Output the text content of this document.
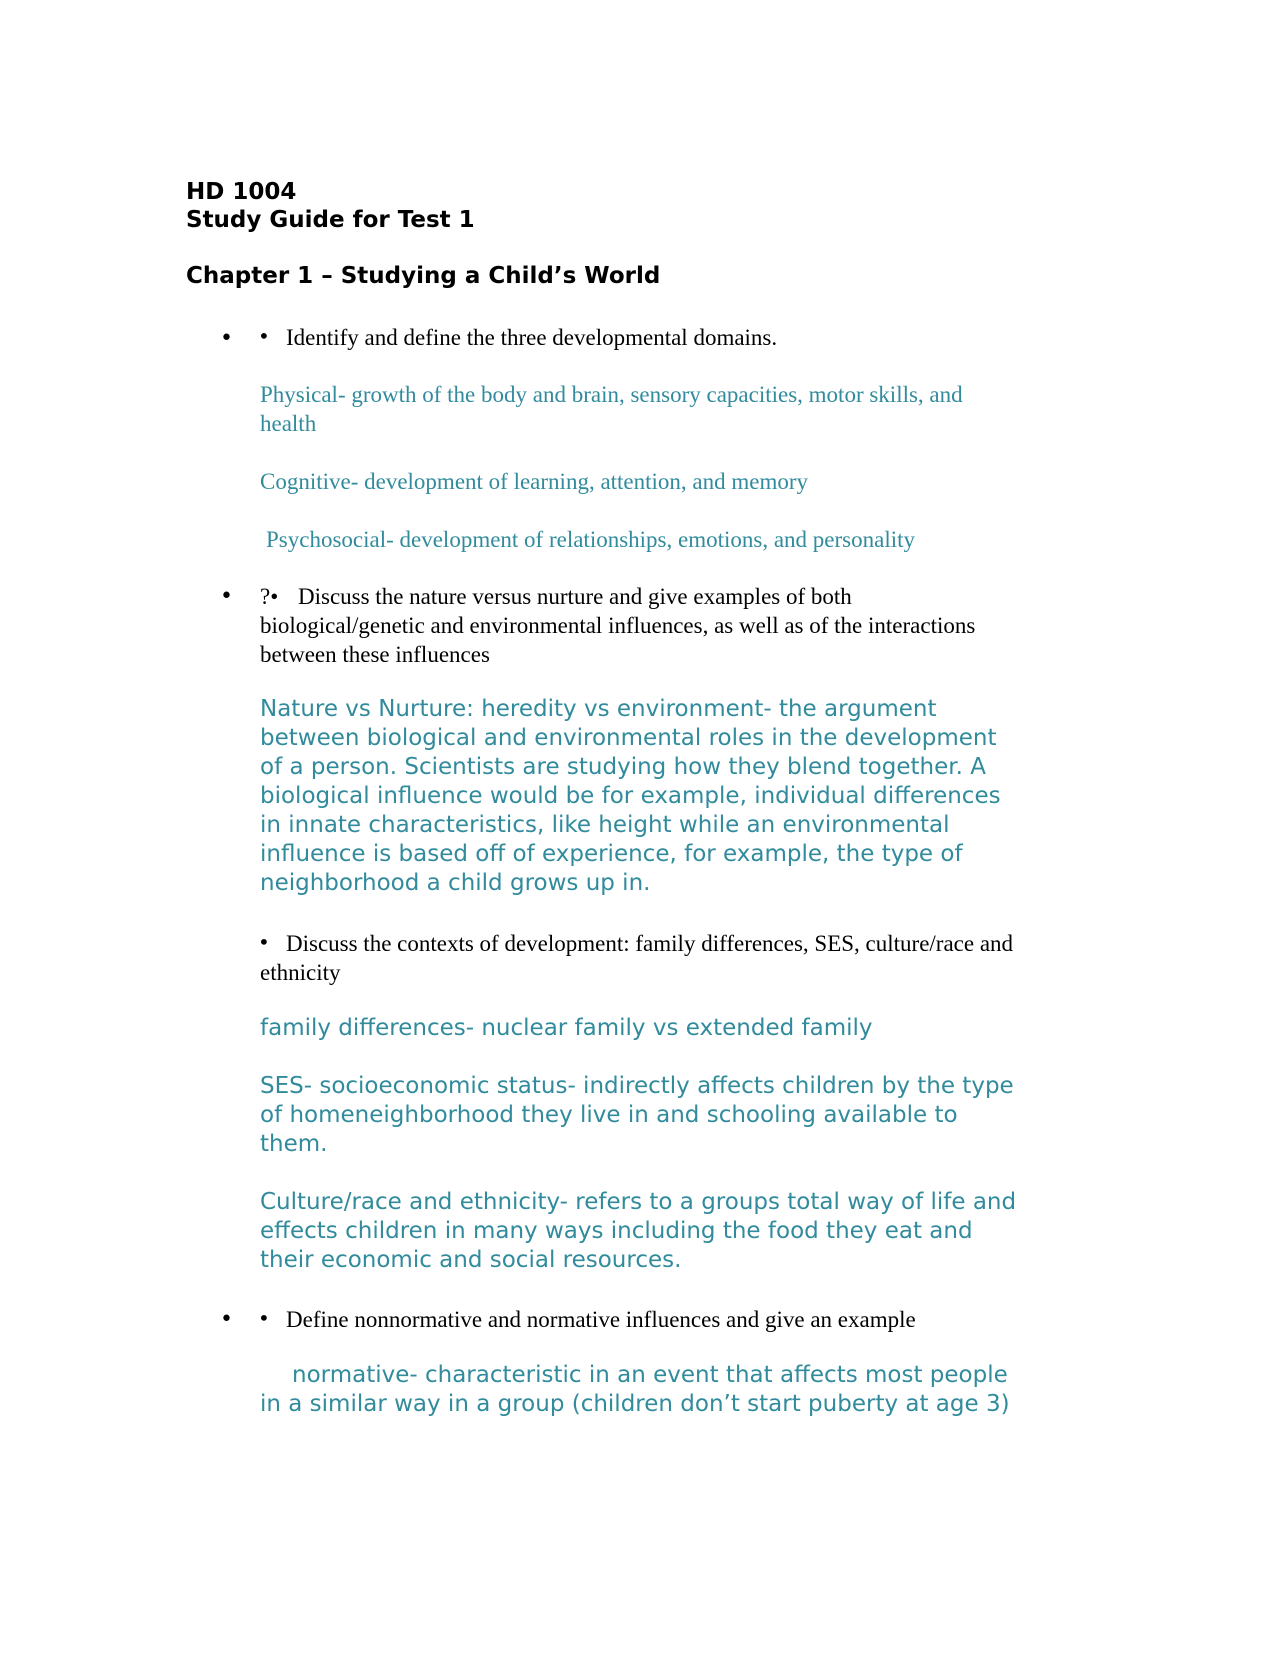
HD 1004
Study Guide for Test 1
Chapter 1 – Studying a Child’s World
• • Identify and define the three developmental domains.
Physical- growth of the body and brain, sensory capacities, motor skills, and
health
Cognitive- development of learning, attention, and memory
Psychosocial- development of relationships, emotions, and personality
• ?• Discuss the nature versus nurture and give examples of both
biological/genetic and environmental influences, as well as of the interactions
between these influences
Nature vs Nurture: heredity vs environment- the argument
between biological and environmental roles in the development
of a person. Scientists are studying how they blend together. A
biological influence would be for example, individual differences
in innate characteristics, like height while an environmental
influence is based off of experience, for example, the type of
neighborhood a child grows up in.
• Discuss the contexts of development: family differences, SES, culture/race and
ethnicity
family differences- nuclear family vs extended family
SES- socioeconomic status- indirectly affects children by the type
of homeneighborhood they live in and schooling available to
them.
Culture/race and ethnicity- refers to a groups total way of life and
effects children in many ways including the food they eat and
their economic and social resources.
• • Define nonnormative and normative influences and give an example
normative- characteristic in an event that affects most people
in a similar way in a group (children don’t start puberty at age 3)
